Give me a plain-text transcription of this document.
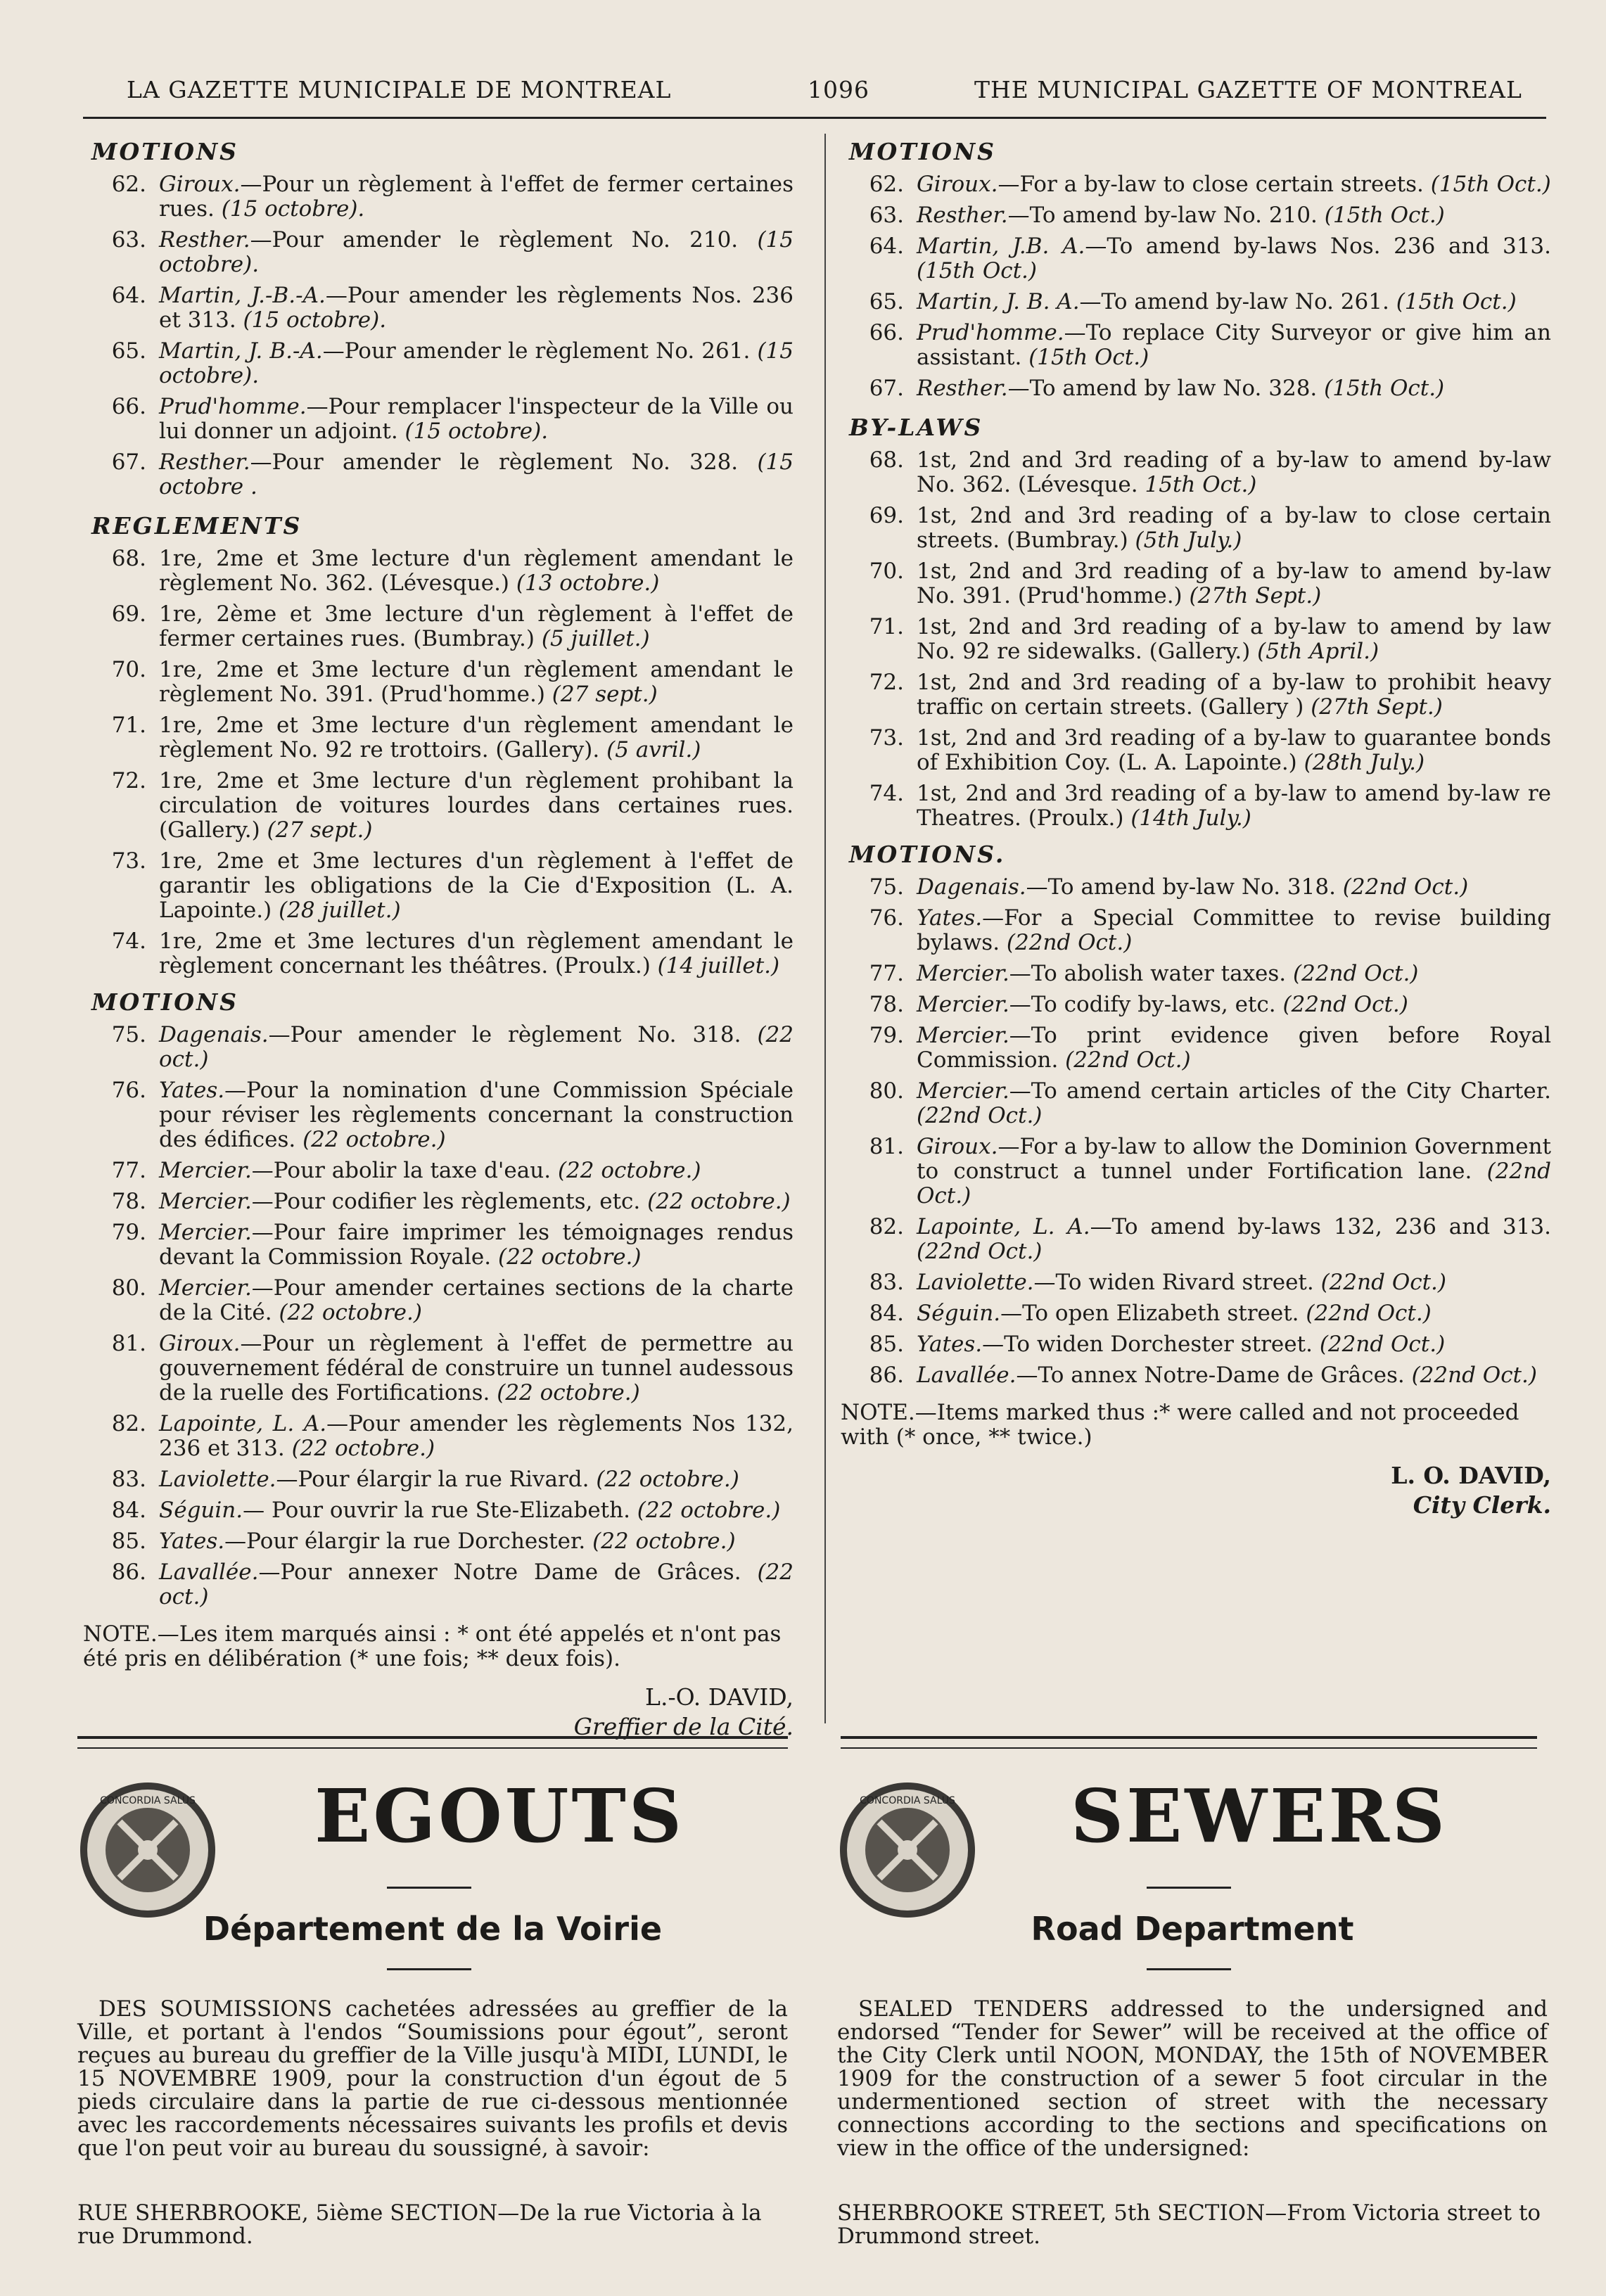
LA GAZETTE MUNICIPALE DE MONTREAL	1096	THE MUNICIPAL GAZETTE OF MONTREAL
MOTIONS
62. Giroux.—Pour un règlement à l'effet de fermer certaines rues. (15 octobre).
63. Resther.—Pour amender le règlement No. 210. (15 octobre).
64. Martin, J.-B.-A.—Pour amender les règlements Nos. 236 et 313. (15 octobre).
65. Martin, J. B.-A.—Pour amender le règlement No. 261. (15 octobre).
66. Prud'homme.—Pour remplacer l'inspecteur de la Ville ou lui donner un adjoint. (15 octobre).
67. Resther.—Pour amender le règlement No. 328. (15 octobre .
REGLEMENTS
68. 1re, 2me et 3me lecture d'un règlement amendant le règlement No. 362. (Lévesque.) (13 octobre.)
69. 1re, 2ème et 3me lecture d'un règlement à l'effet de fermer certaines rues. (Bumbray.) (5 juillet.)
70. 1re, 2me et 3me lecture d'un règlement amendant le règlement No. 391. (Prud'homme.) (27 sept.)
71. 1re, 2me et 3me lecture d'un règlement amendant le règlement No. 92 re trottoirs. (Gallery). (5 avril.)
72. 1re, 2me et 3me lecture d'un règlement prohibant la circulation de voitures lourdes dans certaines rues. (Gallery.) (27 sept.)
73. 1re, 2me et 3me lectures d'un règlement à l'effet de garantir les obligations de la Cie d'Exposition (L. A. Lapointe.) (28 juillet.)
74. 1re, 2me et 3me lectures d'un règlement amendant le règlement concernant les théâtres. (Proulx.) (14 juillet.)
MOTIONS
75. Dagenais.—Pour amender le règlement No. 318. (22 oct.)
76. Yates.—Pour la nomination d'une Commission Spéciale pour réviser les règlements concernant la construction des édifices. (22 octobre.)
77. Mercier.—Pour abolir la taxe d'eau. (22 octobre.)
78. Mercier.—Pour codifier les règlements, etc. (22 octobre.)
79. Mercier.—Pour faire imprimer les témoignages rendus devant la Commission Royale. (22 octobre.)
80. Mercier.—Pour amender certaines sections de la charte de la Cité. (22 octobre.)
81. Giroux.—Pour un règlement à l'effet de permettre au gouvernement fédéral de construire un tunnel audessous de la ruelle des Fortifications. (22 octobre.)
82. Lapointe, L. A.—Pour amender les règlements Nos 132, 236 et 313. (22 octobre.)
83. Laviolette.—Pour élargir la rue Rivard. (22 octobre.)
84. Séguin.— Pour ouvrir la rue Ste-Elizabeth. (22 octobre.)
85. Yates.—Pour élargir la rue Dorchester. (22 octobre.)
86. Lavallée.—Pour annexer Notre Dame de Grâces. (22 oct.)
NOTE.—Les item marqués ainsi : * ont été appelés et n'ont pas été pris en délibération (* une fois; ** deux fois).
L.-O. DAVID,
Greffier de la Cité.
MOTIONS
62. Giroux.—For a by-law to close certain streets. (15th Oct.)
63. Resther.—To amend by-law No. 210. (15th Oct.)
64. Martin, J.B. A.—To amend by-laws Nos. 236 and 313. (15th Oct.)
65. Martin, J. B. A.—To amend by-law No. 261. (15th Oct.)
66. Prud'homme.—To replace City Surveyor or give him an assistant. (15th Oct.)
67. Resther.—To amend by law No. 328. (15th Oct.)
BY-LAWS
68. 1st, 2nd and 3rd reading of a by-law to amend by-law No. 362. (Lévesque. 15th Oct.)
69. 1st, 2nd and 3rd reading of a by-law to close certain streets. (Bumbray.) (5th July.)
70. 1st, 2nd and 3rd reading of a by-law to amend by-law No. 391. (Prud'homme.) (27th Sept.)
71. 1st, 2nd and 3rd reading of a by-law to amend by law No. 92 re sidewalks. (Gallery.) (5th April.)
72. 1st, 2nd and 3rd reading of a by-law to prohibit heavy traffic on certain streets. (Gallery ) (27th Sept.)
73. 1st, 2nd and 3rd reading of a by-law to guarantee bonds of Exhibition Coy. (L. A. Lapointe.) (28th July.)
74. 1st, 2nd and 3rd reading of a by-law to amend by-law re Theatres. (Proulx.) (14th July.)
MOTIONS.
75. Dagenais.—To amend by-law No. 318. (22nd Oct.)
76. Yates.—For a Special Committee to revise building bylaws. (22nd Oct.)
77. Mercier.—To abolish water taxes. (22nd Oct.)
78. Mercier.—To codify by-laws, etc. (22nd Oct.)
79. Mercier.—To print evidence given before Royal Commission. (22nd Oct.)
80. Mercier.—To amend certain articles of the City Charter. (22nd Oct.)
81. Giroux.—For a by-law to allow the Dominion Government to construct a tunnel under Fortification lane. (22nd Oct.)
82. Lapointe, L. A.—To amend by-laws 132, 236 and 313. (22nd Oct.)
83. Laviolette.—To widen Rivard street. (22nd Oct.)
84. Séguin.—To open Elizabeth street. (22nd Oct.)
85. Yates.—To widen Dorchester street. (22nd Oct.)
86. Lavallée.—To annex Notre-Dame de Grâces. (22nd Oct.)
NOTE.—Items marked thus :* were called and not proceeded with (* once, ** twice.)
L. O. DAVID,
City Clerk.
CONCORDIA SALUS	EGOUTS
Département de la Voirie
DES SOUMISSIONS cachetées adressées au greffier de la Ville, et portant à l'endos “Soumissions pour égout”, seront reçues au bureau du greffier de la Ville jusqu'à MIDI, LUNDI, le 15 NOVEMBRE 1909, pour la construction d'un égout de 5 pieds circulaire dans la partie de rue ci-dessous mentionnée avec les raccordements nécessaires suivants les profils et devis que l'on peut voir au bureau du soussigné, à savoir:
RUE SHERBROOKE, 5ième SECTION—De la rue Victoria à la rue Drummond.
CONCORDIA SALUS	SEWERS
Road Department
SEALED TENDERS addressed to the undersigned and endorsed “Tender for Sewer” will be received at the office of the City Clerk until NOON, MONDAY, the 15th of NOVEMBER 1909 for the construction of a sewer 5 foot circular in the undermentioned section of street with the necessary connections according to the sections and specifications on view in the office of the undersigned:
SHERBROOKE STREET, 5th SECTION—From Victoria street to Drummond street.
